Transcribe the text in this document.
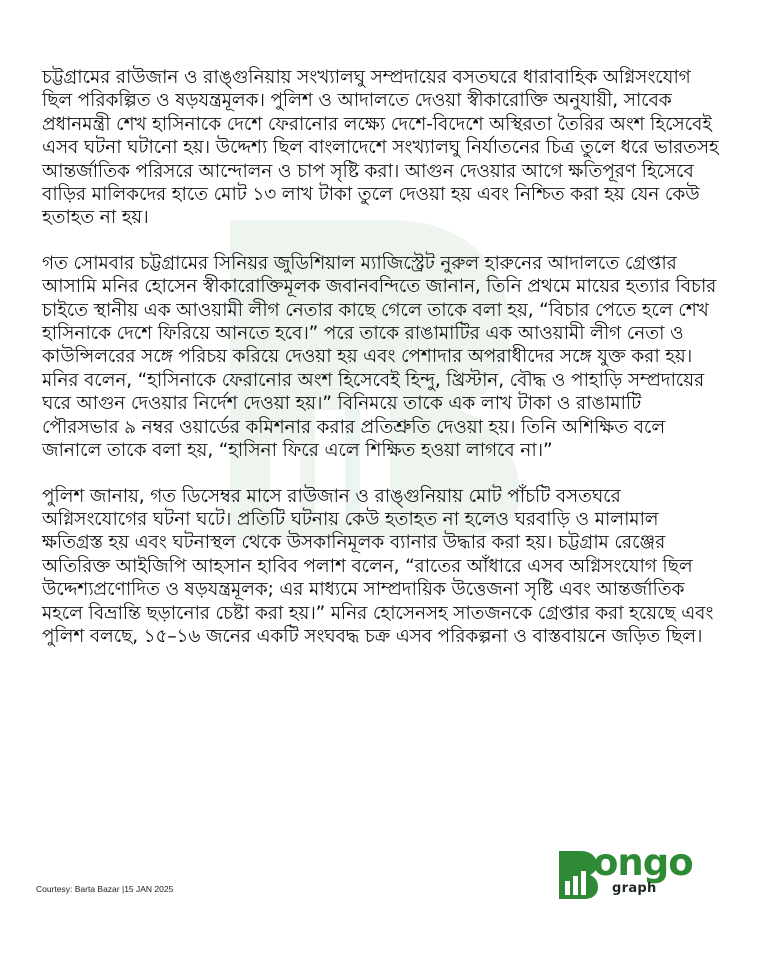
চট্টগ্রামের রাউজান ও রাঙ্গুনিয়ায় সংখ্যালঘু সম্প্রদায়ের বসতঘরে ধারাবাহিক অগ্নিসংযোগ ছিল পরিকল্পিত ও ষড়যন্ত্রমূলক। পুলিশ ও আদালতে দেওয়া স্বীকারোক্তি অনুযায়ী, সাবেক প্রধানমন্ত্রী শেখ হাসিনাকে দেশে ফেরানোর লক্ষ্যে দেশে-বিদেশে অস্থিরতা তৈরির অংশ হিসেবেই এসব ঘটনা ঘটানো হয়। উদ্দেশ্য ছিল বাংলাদেশে সংখ্যালঘু নির্যাতনের চিত্র তুলে ধরে ভারতসহ আন্তর্জাতিক পরিসরে আন্দোলন ও চাপ সৃষ্টি করা। আগুন দেওয়ার আগে ক্ষতিপূরণ হিসেবে বাড়ির মালিকদের হাতে মোট ১৩ লাখ টাকা তুলে দেওয়া হয় এবং নিশ্চিত করা হয় যেন কেউ হতাহত না হয়।

গত সোমবার চট্টগ্রামের সিনিয়র জুডিশিয়াল ম্যাজিস্ট্রেট নুরুল হারুনের আদালতে গ্রেপ্তার আসামি মনির হোসেন স্বীকারোক্তিমূলক জবানবন্দিতে জানান, তিনি প্রথমে মায়ের হত্যার বিচার চাইতে স্থানীয় এক আওয়ামী লীগ নেতার কাছে গেলে তাকে বলা হয়, “বিচার পেতে হলে শেখ হাসিনাকে দেশে ফিরিয়ে আনতে হবে।” পরে তাকে রাঙামাটির এক আওয়ামী লীগ নেতা ও কাউন্সিলরের সঙ্গে পরিচয় করিয়ে দেওয়া হয় এবং পেশাদার অপরাধীদের সঙ্গে যুক্ত করা হয়। মনির বলেন, “হাসিনাকে ফেরানোর অংশ হিসেবেই হিন্দু, খ্রিস্টান, বৌদ্ধ ও পাহাড়ি সম্প্রদায়ের ঘরে আগুন দেওয়ার নির্দেশ দেওয়া হয়।” বিনিময়ে তাকে এক লাখ টাকা ও রাঙামাটি পৌরসভার ৯ নম্বর ওয়ার্ডের কমিশনার করার প্রতিশ্রুতি দেওয়া হয়। তিনি অশিক্ষিত বলে জানালে তাকে বলা হয়, “হাসিনা ফিরে এলে শিক্ষিত হওয়া লাগবে না।”

পুলিশ জানায়, গত ডিসেম্বর মাসে রাউজান ও রাঙ্গুনিয়ায় মোট পাঁচটি বসতঘরে অগ্নিসংযোগের ঘটনা ঘটে। প্রতিটি ঘটনায় কেউ হতাহত না হলেও ঘরবাড়ি ও মালামাল ক্ষতিগ্রস্ত হয় এবং ঘটনাস্থল থেকে উসকানিমূলক ব্যানার উদ্ধার করা হয়। চট্টগ্রাম রেঞ্জের অতিরিক্ত আইজিপি আহসান হাবিব পলাশ বলেন, “রাতের আঁধারে এসব অগ্নিসংযোগ ছিল উদ্দেশ্যপ্রণোদিত ও ষড়যন্ত্রমূলক; এর মাধ্যমে সাম্প্রদায়িক উত্তেজনা সৃষ্টি এবং আন্তর্জাতিক মহলে বিভ্রান্তি ছড়ানোর চেষ্টা করা হয়।” মনির হোসেনসহ সাতজনকে গ্রেপ্তার করা হয়েছে এবং পুলিশ বলছে, ১৫–১৬ জনের একটি সংঘবদ্ধ চক্র এসব পরিকল্পনা ও বাস্তবায়নে জড়িত ছিল।

Courtesy: Barta Bazar |15 JAN 2025
ongo
graph
